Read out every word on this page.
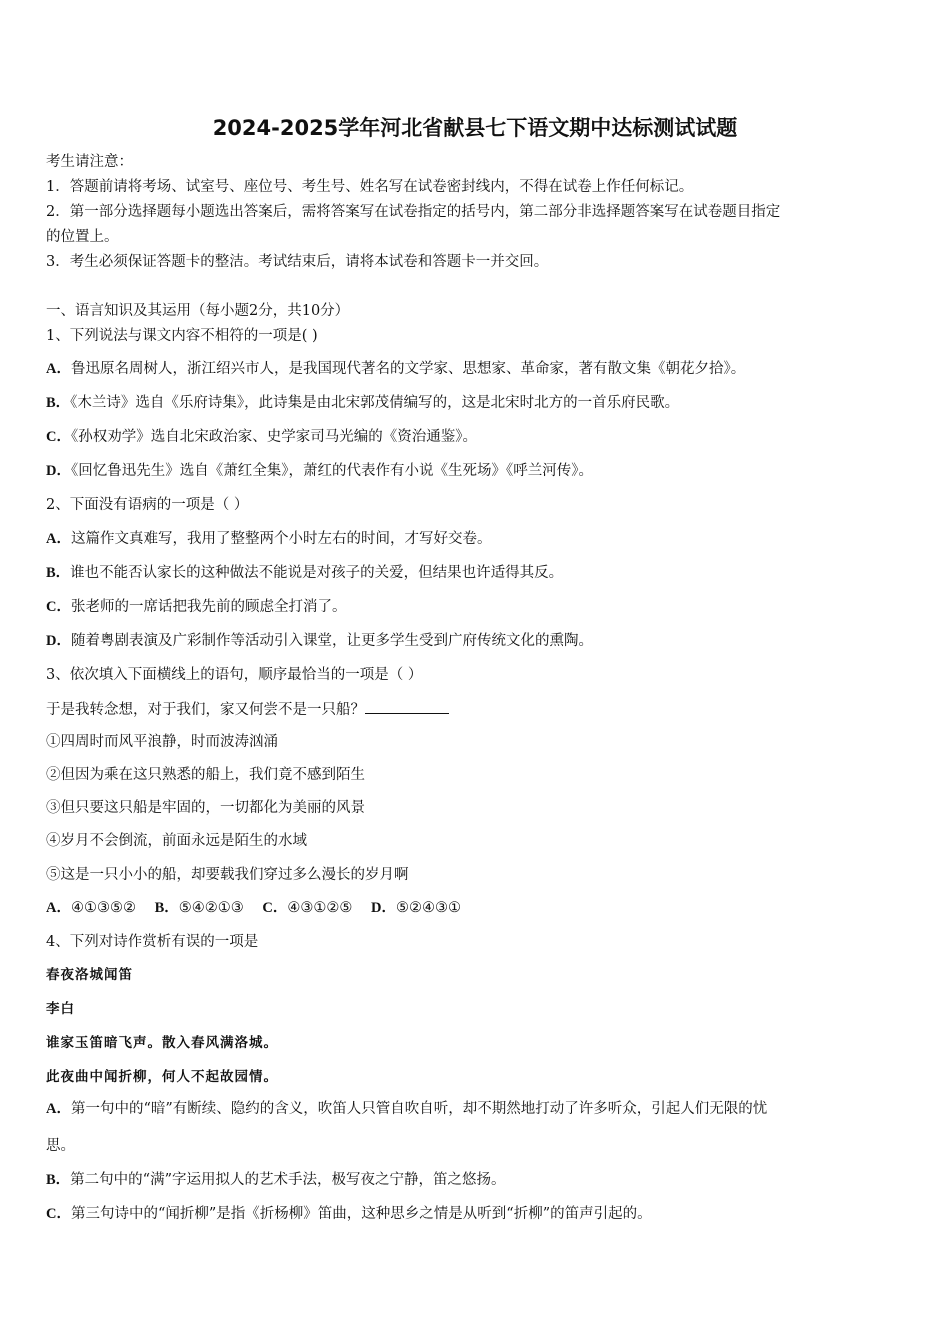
2024-2025学年河北省献县七下语文期中达标测试试题
考生请注意：
1．答题前请将考场、试室号、座位号、考生号、姓名写在试卷密封线内，不得在试卷上作任何标记。
2．第一部分选择题每小题选出答案后，需将答案写在试卷指定的括号内，第二部分非选择题答案写在试卷题目指定
的位置上。
3．考生必须保证答题卡的整洁。考试结束后，请将本试卷和答题卡一并交回。
一、语言知识及其运用（每小题2分，共10分）
1、下列说法与课文内容不相符的一项是( )
A．鲁迅原名周树人，浙江绍兴市人，是我国现代著名的文学家、思想家、革命家，著有散文集《朝花夕拾》。
B．《木兰诗》选自《乐府诗集》，此诗集是由北宋郭茂倩编写的，这是北宋时北方的一首乐府民歌。
C．《孙权劝学》选自北宋政治家、史学家司马光编的《资治通鉴》。
D．《回忆鲁迅先生》选自《萧红全集》，萧红的代表作有小说《生死场》《呼兰河传》。
2、下面没有语病的一项是（ ）
A．这篇作文真难写，我用了整整两个小时左右的时间，才写好交卷。
B．谁也不能否认家长的这种做法不能说是对孩子的关爱，但结果也许适得其反。
C．张老师的一席话把我先前的顾虑全打消了。
D．随着粤剧表演及广彩制作等活动引入课堂，让更多学生受到广府传统文化的熏陶。
3、依次填入下面横线上的语句，顺序最恰当的一项是（ ）
于是我转念想，对于我们，家又何尝不是一只船？
①四周时而风平浪静，时而波涛汹涌
②但因为乘在这只熟悉的船上，我们竟不感到陌生
③但只要这只船是牢固的，一切都化为美丽的风景
④岁月不会倒流，前面永远是陌生的水域
⑤这是一只小小的船，却要载我们穿过多么漫长的岁月啊
A．④①③⑤② B．⑤④②①③ C．④③①②⑤ D．⑤②④③①
4、下列对诗作赏析有误的一项是
春夜洛城闻笛
李白
谁家玉笛暗飞声。散入春风满洛城。
此夜曲中闻折柳，何人不起故园情。
A．第一句中的“暗”有断续、隐约的含义，吹笛人只管自吹自听，却不期然地打动了许多听众，引起人们无限的忧
思。
B．第二句中的“满”字运用拟人的艺术手法，极写夜之宁静，笛之悠扬。
C．第三句诗中的“闻折柳”是指《折杨柳》笛曲，这种思乡之情是从听到“折柳”的笛声引起的。
